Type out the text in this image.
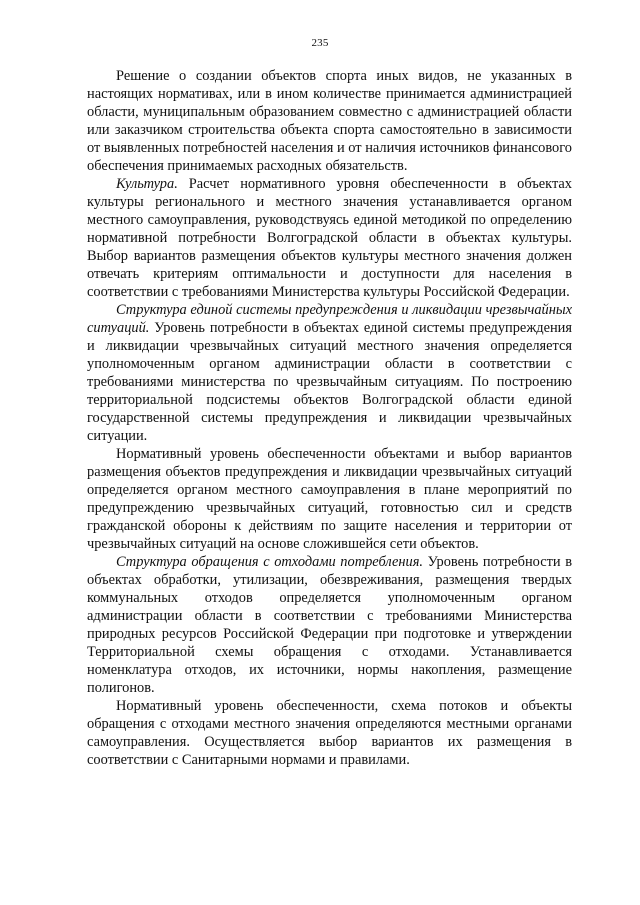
235

Решение о создании объектов спорта иных видов, не указанных в настоящих нормативах, или в ином количестве принимается администрацией области, муниципальным образованием совместно с администрацией области или заказчиком строительства объекта спорта самостоятельно в зависимости от выявленных потребностей населения и от наличия источников финансового обеспечения принимаемых расходных обязательств.

Культура. Расчет нормативного уровня обеспеченности в объектах культуры регионального и местного значения устанавливается органом местного самоуправления, руководствуясь единой методикой по определению нормативной потребности Волгоградской области в объектах культуры. Выбор вариантов размещения объектов культуры местного значения должен отвечать критериям оптимальности и доступности для населения в соответствии с требованиями Министерства культуры Российской Федерации.

Структура единой системы предупреждения и ликвидации чрезвычайных ситуаций. Уровень потребности в объектах единой системы предупреждения и ликвидации чрезвычайных ситуаций местного значения определяется уполномоченным органом администрации области в соответствии с требованиями министерства по чрезвычайным ситуациям. По построению территориальной подсистемы объектов Волгоградской области единой государственной системы предупреждения и ликвидации чрезвычайных ситуации.

Нормативный уровень обеспеченности объектами и выбор вариантов размещения объектов предупреждения и ликвидации чрезвычайных ситуаций определяется органом местного самоуправления в плане мероприятий по предупреждению чрезвычайных ситуаций, готовностью сил и средств гражданской обороны к действиям по защите населения и территории от чрезвычайных ситуаций на основе сложившейся сети объектов.

Структура обращения с отходами потребления. Уровень потребности в объектах обработки, утилизации, обезвреживания, размещения твердых коммунальных отходов определяется уполномоченным органом администрации области в соответствии с требованиями Министерства природных ресурсов Российской Федерации при подготовке и утверждении Территориальной схемы обращения с отходами. Устанавливается номенклатура отходов, их источники, нормы накопления, размещение полигонов.

Нормативный уровень обеспеченности, схема потоков и объекты обращения с отходами местного значения определяются местными органами самоуправления. Осуществляется выбор вариантов их размещения в соответствии с Санитарными нормами и правилами.
